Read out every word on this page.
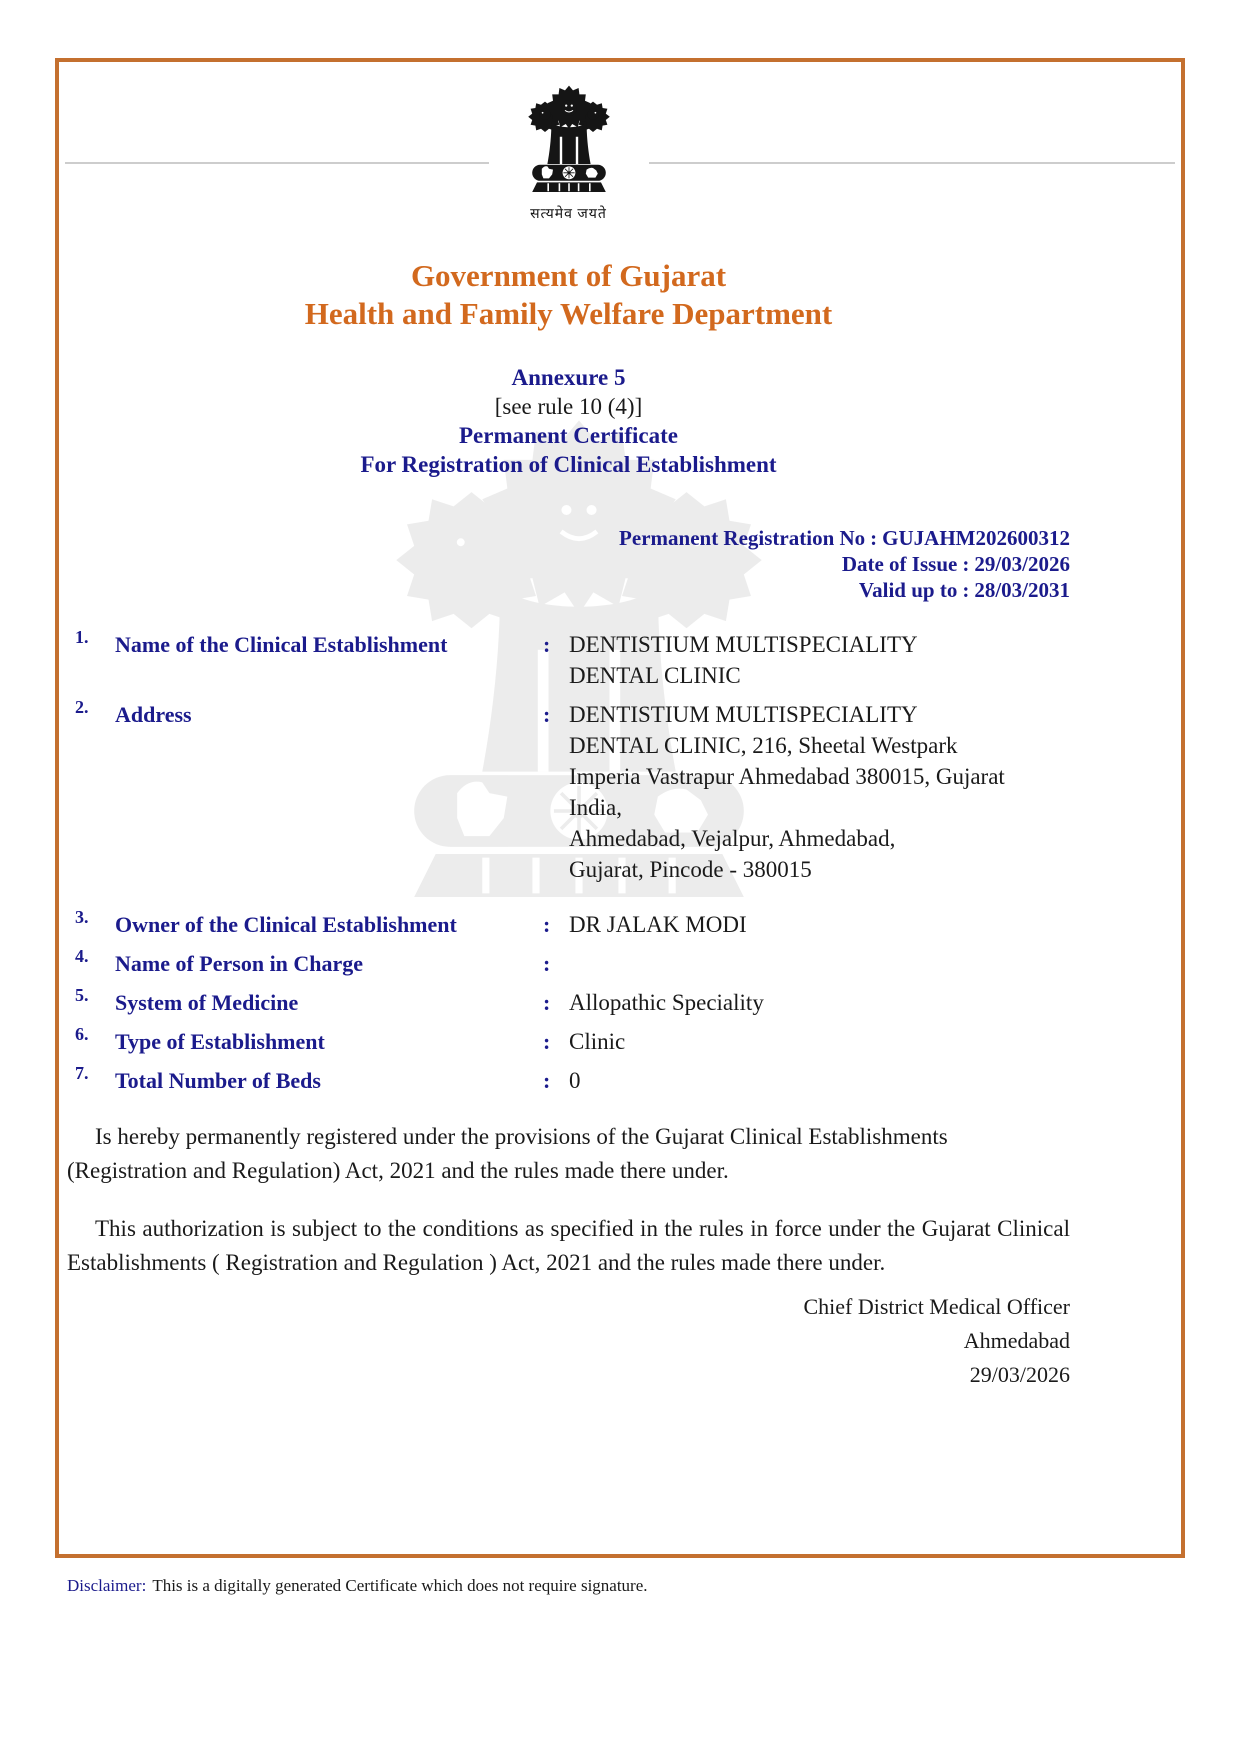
सत्यमेव जयते
Government of Gujarat
Health and Family Welfare Department
Annexure 5
[see rule 10 (4)]
Permanent Certificate
For Registration of Clinical Establishment
Permanent Registration No : GUJAHM202600312
Date of Issue : 29/03/2026
Valid up to : 28/03/2031
1.	Name of the Clinical Establishment	: DENTISTIUM MULTISPECIALITY
DENTAL CLINIC
2.	Address	: DENTISTIUM MULTISPECIALITY
DENTAL CLINIC, 216, Sheetal Westpark
Imperia Vastrapur Ahmedabad 380015, Gujarat
India,
Ahmedabad, Vejalpur, Ahmedabad,
Gujarat, Pincode - 380015
3.	Owner of the Clinical Establishment	: DR JALAK MODI
4.	Name of Person in Charge	:
5.	System of Medicine	: Allopathic Speciality
6.	Type of Establishment	: Clinic
7.	Total Number of Beds	: 0

Is hereby permanently registered under the provisions of the Gujarat Clinical Establishments (Registration and Regulation) Act, 2021 and the rules made there under.

This authorization is subject to the conditions as specified in the rules in force under the Gujarat Clinical Establishments ( Registration and Regulation ) Act, 2021 and the rules made there under.

Chief District Medical Officer
Ahmedabad
29/03/2026
Disclaimer: This is a digitally generated Certificate which does not require signature.
